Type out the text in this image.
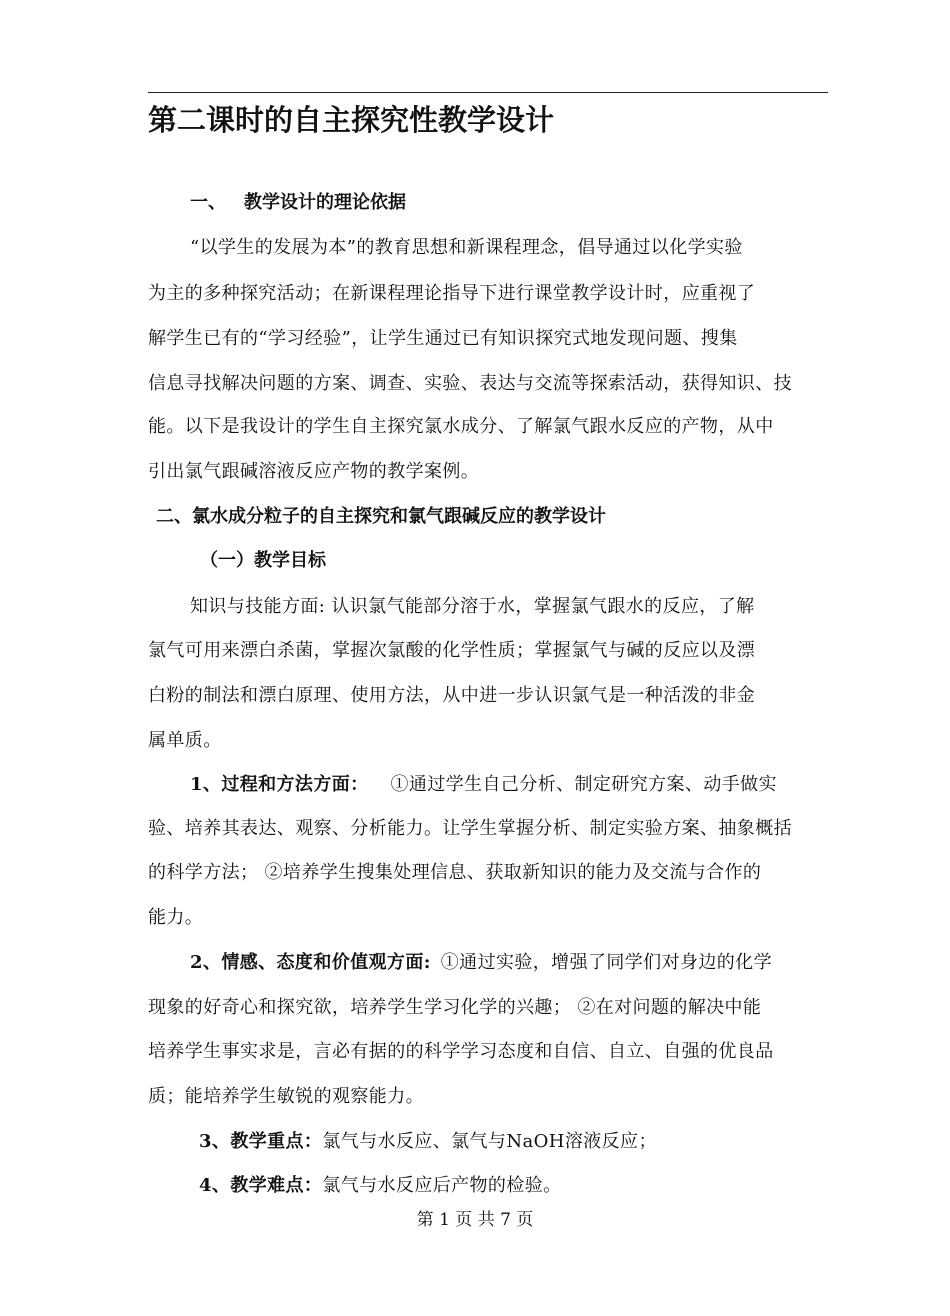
第二课时的自主探究性教学设计
一、 教学设计的理论依据
“以学生的发展为本”的教育思想和新课程理念，倡导通过以化学实验
为主的多种探究活动；在新课程理论指导下进行课堂教学设计时，应重视了
解学生已有的“学习经验”，让学生通过已有知识探究式地发现问题、搜集
信息寻找解决问题的方案、调查、实验、表达与交流等探索活动，获得知识、技
能。以下是我设计的学生自主探究氯水成分、了解氯气跟水反应的产物，从中
引出氯气跟碱溶液反应产物的教学案例。
二、氯水成分粒子的自主探究和氯气跟碱反应的教学设计
（一）教学目标
知识与技能方面: 认识氯气能部分溶于水，掌握氯气跟水的反应，了解
氯气可用来漂白杀菌，掌握次氯酸的化学性质；掌握氯气与碱的反应以及漂
白粉的制法和漂白原理、使用方法，从中进一步认识氯气是一种活泼的非金
属单质。
1、过程和方法方面： ①通过学生自己分析、制定研究方案、动手做实
验、培养其表达、观察、分析能力。让学生掌握分析、制定实验方案、抽象概括
的科学方法； ②培养学生搜集处理信息、获取新知识的能力及交流与合作的
能力。
2、情感、态度和价值观方面: ①通过实验，增强了同学们对身边的化学
现象的好奇心和探究欲，培养学生学习化学的兴趣； ②在对问题的解决中能
培养学生事实求是，言必有据的的科学学习态度和自信、自立、自强的优良品
质；能培养学生敏锐的观察能力。
3、教学重点：氯气与水反应、氯气与NaOH溶液反应；
4、教学难点：氯气与水反应后产物的检验。
第 1 页 共 7 页
